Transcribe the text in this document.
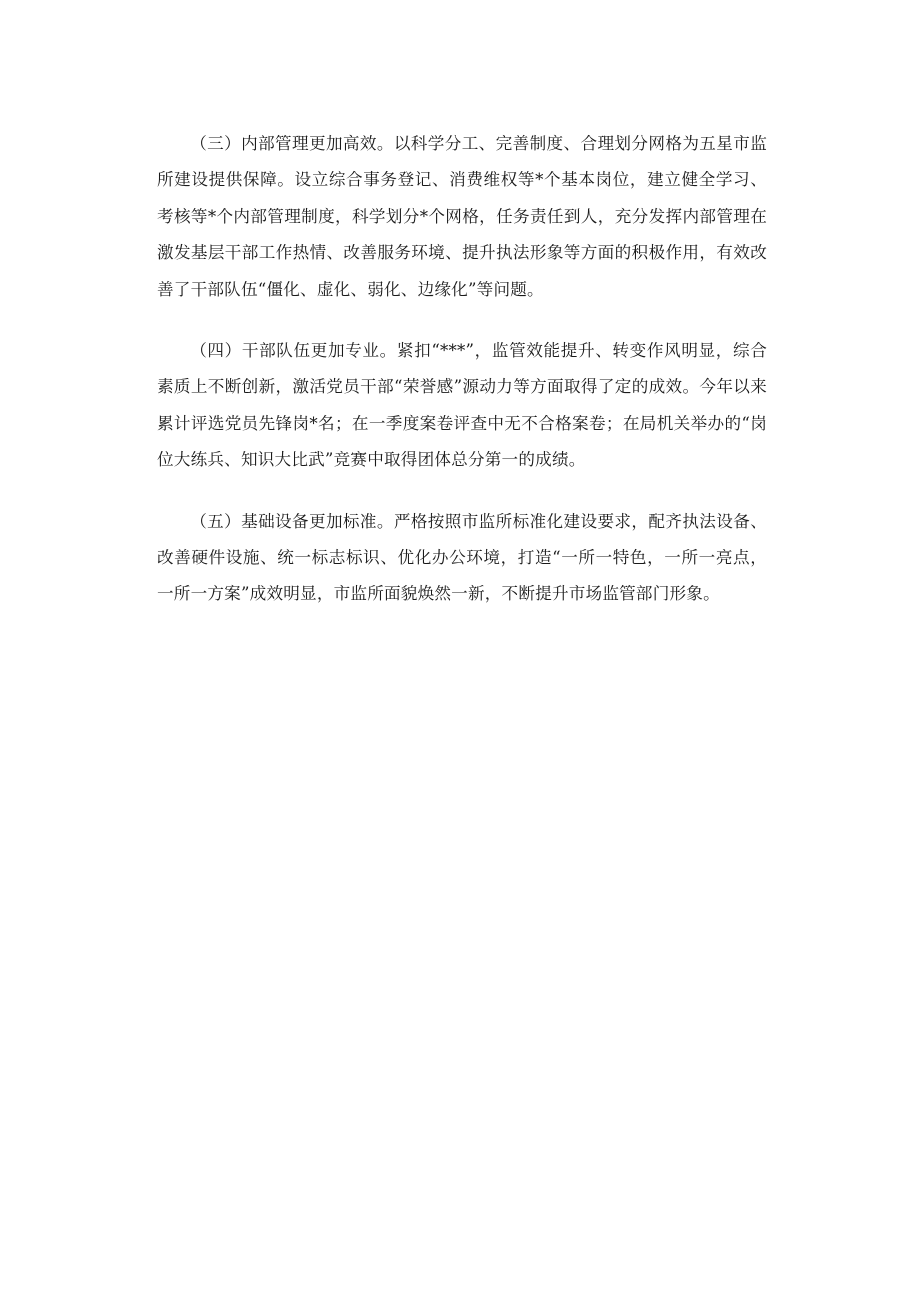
（三）内部管理更加高效。以科学分工、完善制度、合理划分网格为五星市监所建设提供保障。设立综合事务登记、消费维权等*个基本岗位，建立健全学习、考核等*个内部管理制度，科学划分*个网格，任务责任到人，充分发挥内部管理在激发基层干部工作热情、改善服务环境、提升执法形象等方面的积极作用，有效改善了干部队伍“僵化、虚化、弱化、边缘化”等问题。

（四）干部队伍更加专业。紧扣“***”，监管效能提升、转变作风明显，综合素质上不断创新，激活党员干部“荣誉感”源动力等方面取得了定的成效。今年以来累计评选党员先锋岗*名；在一季度案卷评查中无不合格案卷；在局机关举办的“岗位大练兵、知识大比武”竞赛中取得团体总分第一的成绩。

（五）基础设备更加标准。严格按照市监所标准化建设要求，配齐执法设备、改善硬件设施、统一标志标识、优化办公环境，打造“一所一特色，一所一亮点，一所一方案”成效明显，市监所面貌焕然一新，不断提升市场监管部门形象。
